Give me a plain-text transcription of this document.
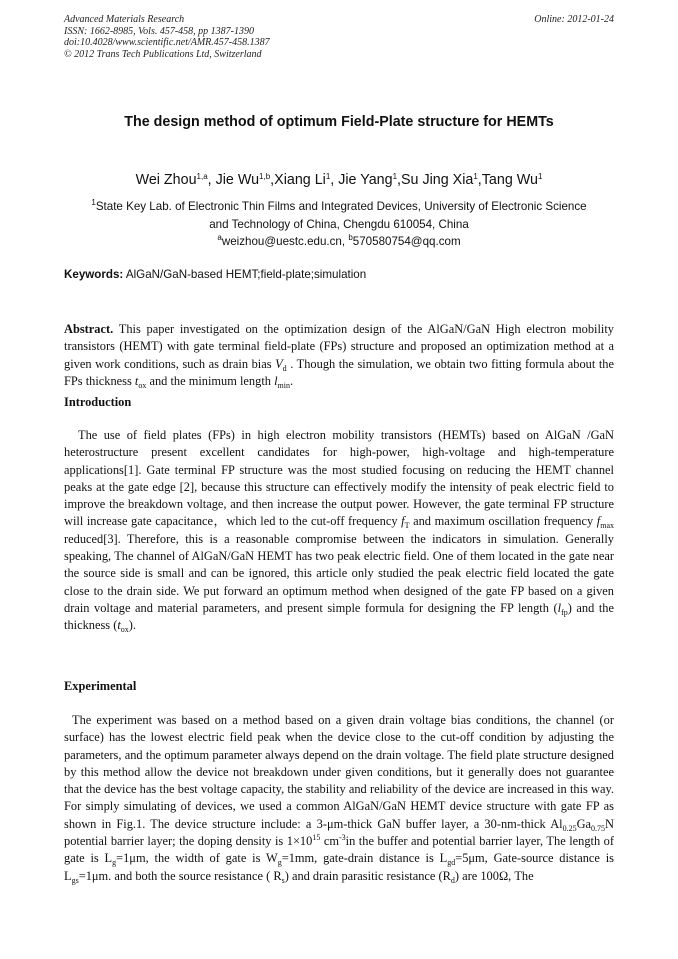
Advanced Materials Research
ISSN: 1662-8985, Vols. 457-458, pp 1387-1390
doi:10.4028/www.scientific.net/AMR.457-458.1387
© 2012 Trans Tech Publications Ltd, Switzerland
Online: 2012-01-24
The design method of optimum Field-Plate structure for HEMTs
Wei Zhou$^{1,a}$, Jie Wu$^{1,b}$,Xiang Li$^1$, Jie Yang$^1$,Su Jing Xia$^1$,Tang Wu$^1$
$^1$State Key Lab. of Electronic Thin Films and Integrated Devices, University of Electronic Science
and Technology of China, Chengdu 610054, China
$^a$weizhou@uestc.edu.cn, $^b$570580754@qq.com
Keywords: AlGaN/GaN-based HEMT;field-plate;simulation
Abstract. This paper investigated on the optimization design of the AlGaN/GaN High electron mobility transistors (HEMT) with gate terminal field-plate (FPs) structure and proposed an optimization method at a given work conditions, such as drain bias $V_d$ . Though the simulation, we obtain two fitting formula about the FPs thickness $t_{ox}$ and the minimum length $l_{min}$.
Introduction

The use of field plates (FPs) in high electron mobility transistors (HEMTs) based on AlGaN /GaN heterostructure present excellent candidates for high-power, high-voltage and high-temperature applications[1]. Gate terminal FP structure was the most studied focusing on reducing the HEMT channel peaks at the gate edge [2], because this structure can effectively modify the intensity of peak electric field to improve the breakdown voltage, and then increase the output power. However, the gate terminal FP structure will increase gate capacitance，which led to the cut-off frequency $f_T$ and maximum oscillation frequency $f_{max}$ reduced[3]. Therefore, this is a reasonable compromise between the indicators in simulation. Generally speaking, The channel of AlGaN/GaN HEMT has two peak electric field. One of them located in the gate near the source side is small and can be ignored, this article only studied the peak electric field located the gate close to the drain side. We put forward an optimum method when designed of the gate FP based on a given drain voltage and material parameters, and present simple formula for designing the FP length $(l_{fp})$ and the thickness $(t_{ox})$.

Experimental

The experiment was based on a method based on a given drain voltage bias conditions, the channel (or surface) has the lowest electric field peak when the device close to the cut-off condition by adjusting the parameters, and the optimum parameter always depend on the drain voltage. The field plate structure designed by this method allow the device not breakdown under given conditions, but it generally does not guarantee that the device has the best voltage capacity, the stability and reliability of the device are increased in this way. For simply simulating of devices, we used a common AlGaN/GaN HEMT device structure with gate FP as shown in Fig.1. The device structure include: a 3-μm-thick GaN buffer layer, a 30-nm-thick $Al_{0.25}Ga_{0.75}N$ potential barrier layer; the doping density is $1\times 10^{15}$ $cm^{-3}in$ the buffer and potential barrier layer, The length of gate is $L_g=1\mu m$, the width of gate is $W_g=1mm$, gate-drain distance is $L_{gd}=5\mu m$, Gate-source distance is $L_{gs}=1\mu m$. and both the source resistance ( $R_s$) and drain parasitic resistance $(R_d)$ are 100Ω, The
